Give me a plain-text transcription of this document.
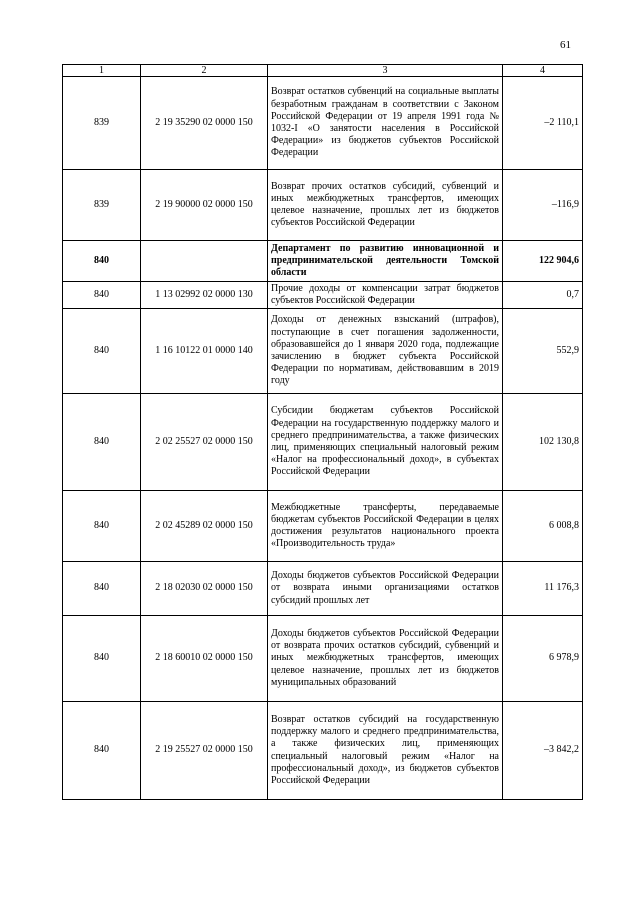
61
1	2	3	4
839	2 19 35290 02 0000 150	Возврат остатков субвенций на социальные выплаты безработным гражданам в соответствии с Законом Российской Федерации от 19 апреля 1991 года № 1032-I «О занятости населения в Российской Федерации» из бюджетов субъектов Российской Федерации	–2 110,1
839	2 19 90000 02 0000 150	Возврат прочих остатков субсидий, субвенций и иных межбюджетных трансфертов, имеющих целевое назначение, прошлых лет из бюджетов субъектов Российской Федерации	–116,9
840		Департамент по развитию инновационной и предпринимательской деятельности Томской области	122 904,6
840	1 13 02992 02 0000 130	Прочие доходы от компенсации затрат бюджетов субъектов Российской Федерации	0,7
840	1 16 10122 01 0000 140	Доходы от денежных взысканий (штрафов), поступающие в счет погашения задолженности, образовавшейся до 1 января 2020 года, подлежащие зачислению в бюджет субъекта Российской Федерации по нормативам, действовавшим в 2019 году	552,9
840	2 02 25527 02 0000 150	Субсидии бюджетам субъектов Российской Федерации на государственную поддержку малого и среднего предпринимательства, а также физических лиц, применяющих специальный налоговый режим «Налог на профессиональный доход», в субъектах Российской Федерации	102 130,8
840	2 02 45289 02 0000 150	Межбюджетные трансферты, передаваемые бюджетам субъектов Российской Федерации в целях достижения результатов национального проекта «Производительность труда»	6 008,8
840	2 18 02030 02 0000 150	Доходы бюджетов субъектов Российской Федерации от возврата иными организациями остатков субсидий прошлых лет	11 176,3
840	2 18 60010 02 0000 150	Доходы бюджетов субъектов Российской Федерации от возврата прочих остатков субсидий, субвенций и иных межбюджетных трансфертов, имеющих целевое назначение, прошлых лет из бюджетов муниципальных образований	6 978,9
840	2 19 25527 02 0000 150	Возврат остатков субсидий на государственную поддержку малого и среднего предпринимательства, а также физических лиц, применяющих специальный налоговый режим «Налог на профессиональный доход», из бюджетов субъектов Российской Федерации	–3 842,2
